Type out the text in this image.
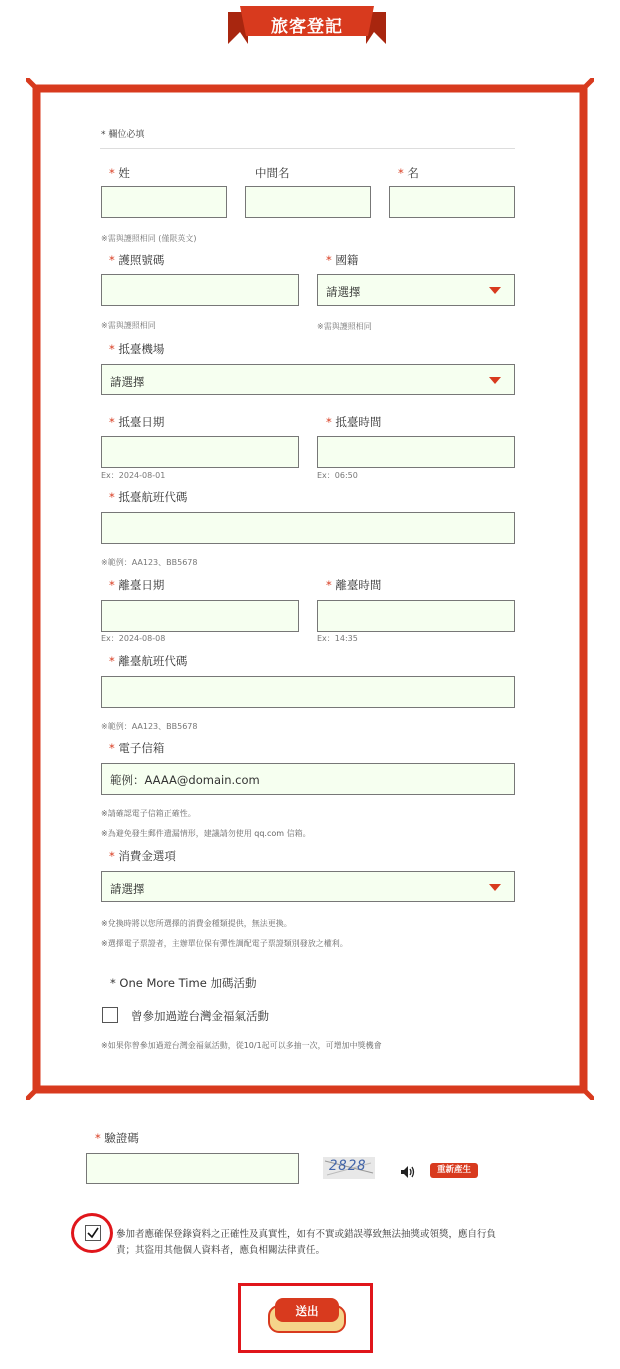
旅客登記
* 欄位必填
* 姓	中間名	* 名
※需與護照相同 (僅限英文)
* 護照號碼	* 國籍
請選擇
※需與護照相同	※需與護照相同
* 抵臺機場
請選擇
* 抵臺日期	* 抵臺時間
Ex：2024-08-01	Ex：06:50
* 抵臺航班代碼
※範例：AA123、BB5678
* 離臺日期	* 離臺時間
Ex：2024-08-08	Ex：14:35
* 離臺航班代碼
※範例：AA123、BB5678
* 電子信箱
範例：AAAA@domain.com
※請確認電子信箱正確性。
※為避免發生郵件遺漏情形，建議請勿使用 qq.com 信箱。
* 消費金選項
請選擇
※兌換時將以您所選擇的消費金種類提供，無法更換。
※選擇電子票證者，主辦單位保有彈性調配電子票證類別發放之權利。
* One More Time 加碼活動
曾參加過遊台灣金福氣活動
※如果你曾參加過遊台灣金福氣活動，從10/1起可以多抽一次，可增加中獎機會
* 驗證碼
2828	重新產生
參加者應確保登錄資料之正確性及真實性，如有不實或錯誤導致無法抽獎或領獎，應自行負
責；其盜用其他個人資料者，應負相關法律責任。
送出
